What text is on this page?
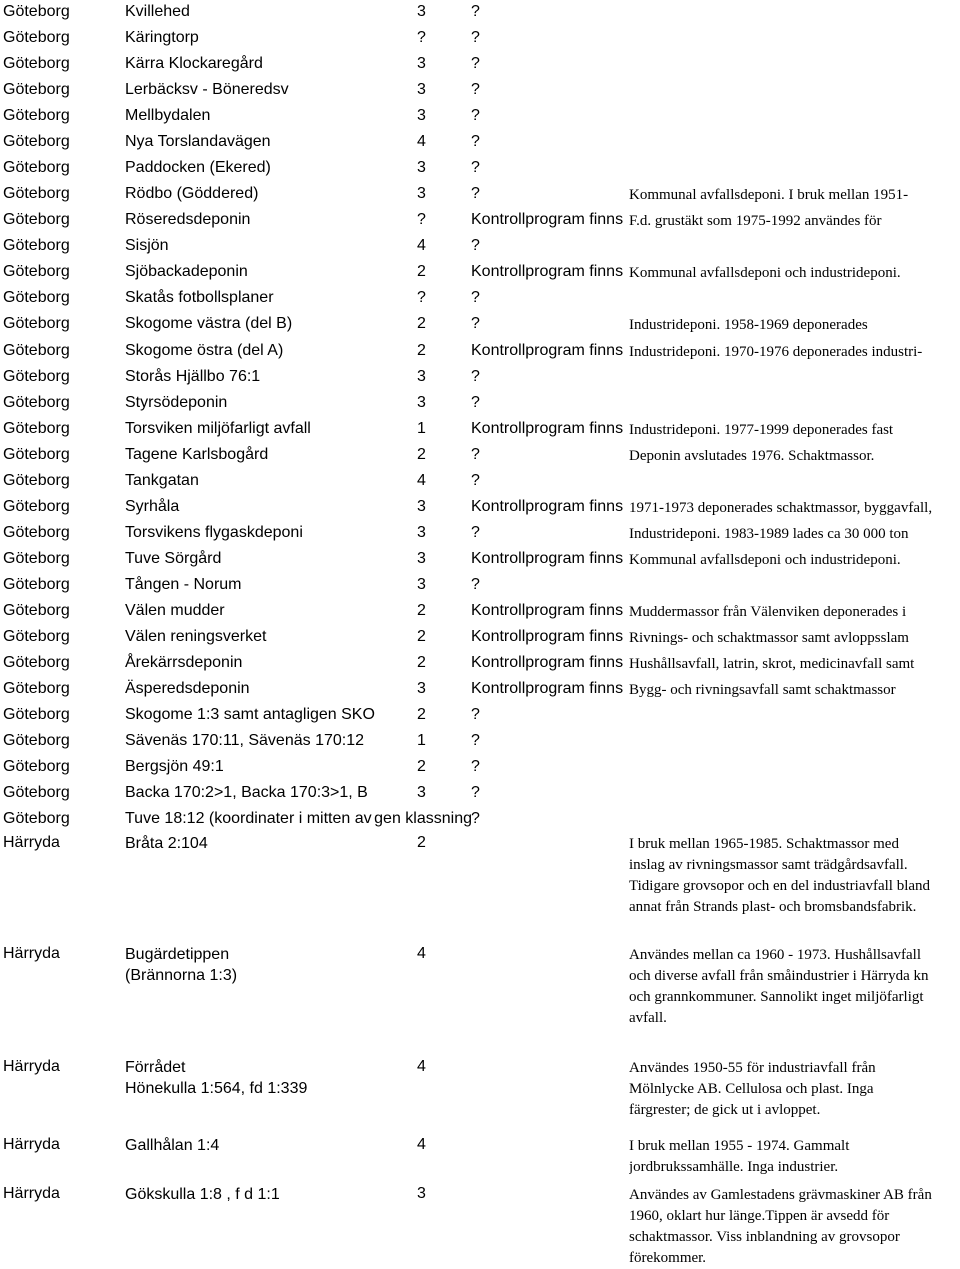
Göteborg	Kvillehed	3	?
Göteborg	Käringtorp	?	?
Göteborg	Kärra Klockaregård	3	?
Göteborg	Lerbäcksv - Böneredsv	3	?
Göteborg	Mellbydalen	3	?
Göteborg	Nya Torslandavägen	4	?
Göteborg	Paddocken (Ekered)	3	?
Göteborg	Rödbo (Göddered)	3	?	Kommunal avfallsdeponi. I bruk mellan 1951-
Göteborg	Röseredsdeponin	?	Kontrollprogram finns F.d. grustäkt som 1975-1992 användes för
Göteborg	Sisjön	4	?
Göteborg	Sjöbackadeponin	2	Kontrollprogram finns Kommunal avfallsdeponi och industrideponi.
Göteborg	Skatås fotbollsplaner	?	?
Göteborg	Skogome västra (del B)	2	?	Industrideponi. 1958-1969 deponerades
Göteborg	Skogome östra (del A)	2	Kontrollprogram finns Industrideponi. 1970-1976 deponerades industri-
Göteborg	Storås Hjällbo 76:1	3	?
Göteborg	Styrsödeponin	3	?
Göteborg	Torsviken miljöfarligt avfall	1	Kontrollprogram finns Industrideponi. 1977-1999 deponerades fast
Göteborg	Tagene Karlsbogård	2	?	Deponin avslutades 1976. Schaktmassor.
Göteborg	Tankgatan	4	?
Göteborg	Syrhåla	3	Kontrollprogram finns 1971-1973 deponerades schaktmassor, byggavfall,
Göteborg	Torsvikens flygaskdeponi	3	?	Industrideponi. 1983-1989 lades ca 30 000 ton
Göteborg	Tuve Sörgård	3	Kontrollprogram finns Kommunal avfallsdeponi och industrideponi.
Göteborg	Tången - Norum	3	?
Göteborg	Välen mudder	2	Kontrollprogram finns Muddermassor från Välenviken deponerades i
Göteborg	Välen reningsverket	2	Kontrollprogram finns Rivnings- och schaktmassor samt avloppsslam
Göteborg	Årekärrsdeponin	2	Kontrollprogram finns Hushållsavfall, latrin, skrot, medicinavfall samt
Göteborg	Äsperedsdeponin	3	Kontrollprogram finns Bygg- och rivningsavfall samt schaktmassor
Göteborg	Skogome 1:3 samt antagligen SKO	2	?
Göteborg	Sävenäs 170:11, Sävenäs 170:12	1	?
Göteborg	Bergsjön 49:1	2	?
Göteborg	Backa 170:2>1, Backa 170:3>1, B	3	?
Göteborg	Tuve 18:12 (koordinater i mitten av gen klassning ?
Härryda	Bråta 2:104	2	I bruk mellan 1965-1985. Schaktmassor med
inslag av rivningsmassor samt trädgårdsavfall.
Tidigare grovsopor och en del industriavfall bland
annat från Strands plast- och bromsbandsfabrik.
Härryda	Bugärdetippen
(Brännorna 1:3)
4	Användes mellan ca 1960 - 1973. Hushållsavfall
och diverse avfall från småindustrier i Härryda kn
och grannkommuner. Sannolikt inget miljöfarligt
avfall.
Härryda	Förrådet
Hönekulla 1:564, fd 1:339
4	Användes 1950-55 för industriavfall från
Mölnlycke AB. Cellulosa och plast. Inga
färgrester; de gick ut i avloppet.
Härryda	Gallhålan 1:4	4	I bruk mellan 1955 - 1974. Gammalt
jordbrukssamhälle. Inga industrier.
Härryda	Gökskulla 1:8 , f d 1:1	3	Användes av Gamlestadens grävmaskiner AB från
1960, oklart hur länge.Tippen är avsedd för
schaktmassor. Viss inblandning av grovsopor
förekommer.
